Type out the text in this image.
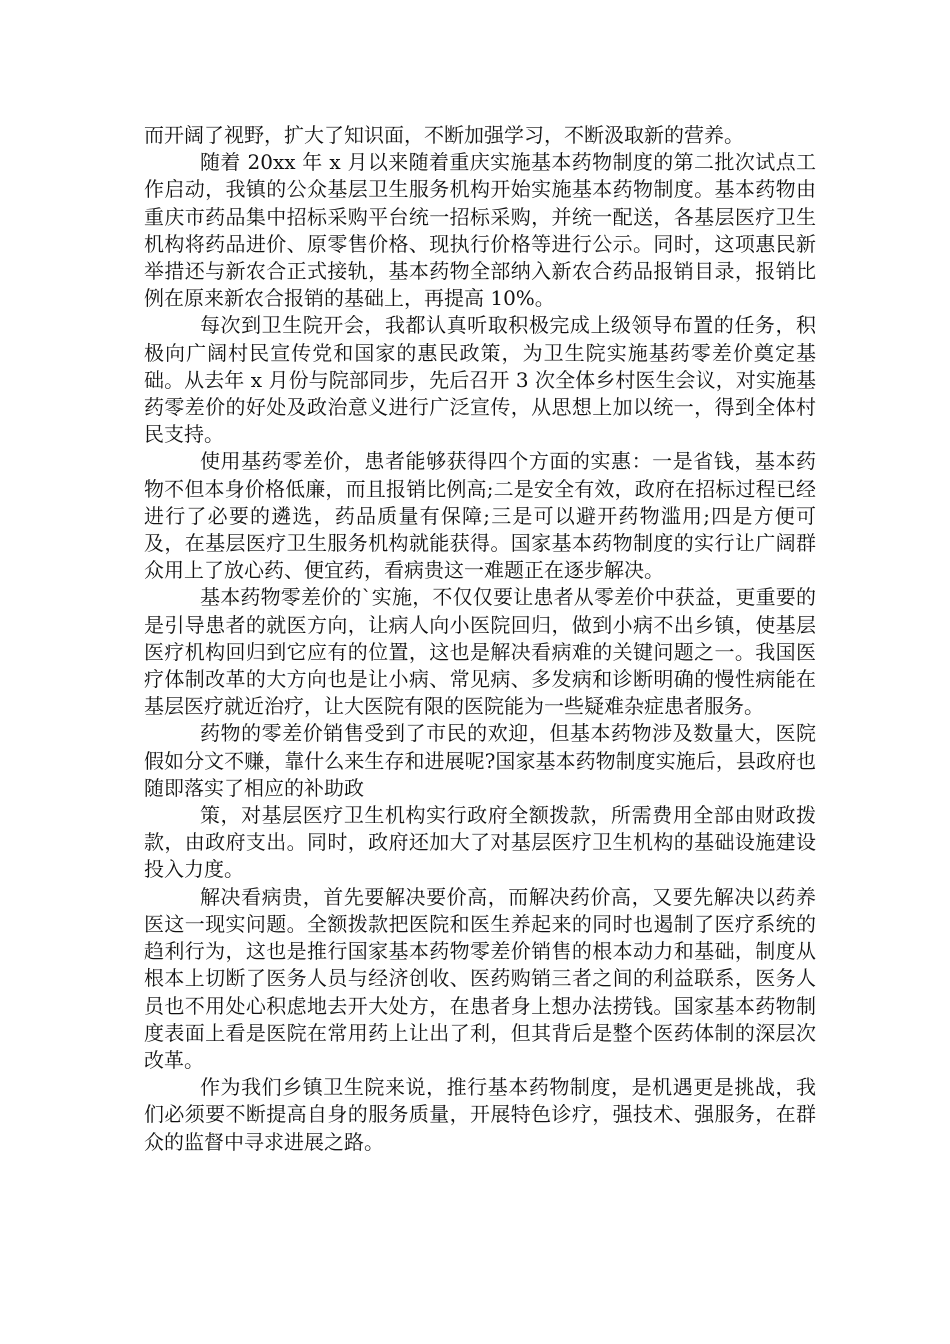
而开阔了视野，扩大了知识面，不断加强学习，不断汲取新的营养。

随着 20xx 年 x 月以来随着重庆实施基本药物制度的第二批次试点工作启动，我镇的公众基层卫生服务机构开始实施基本药物制度。基本药物由重庆市药品集中招标采购平台统一招标采购，并统一配送，各基层医疗卫生机构将药品进价、原零售价格、现执行价格等进行公示。同时，这项惠民新举措还与新农合正式接轨，基本药物全部纳入新农合药品报销目录，报销比例在原来新农合报销的基础上，再提高 10%。

每次到卫生院开会，我都认真听取积极完成上级领导布置的任务，积极向广阔村民宣传党和国家的惠民政策，为卫生院实施基药零差价奠定基础。从去年 x 月份与院部同步，先后召开 3 次全体乡村医生会议，对实施基药零差价的好处及政治意义进行广泛宣传，从思想上加以统一，得到全体村民支持。

使用基药零差价，患者能够获得四个方面的实惠：一是省钱，基本药物不但本身价格低廉，而且报销比例高;二是安全有效，政府在招标过程已经进行了必要的遴选，药品质量有保障;三是可以避开药物滥用;四是方便可及，在基层医疗卫生服务机构就能获得。国家基本药物制度的实行让广阔群众用上了放心药、便宜药，看病贵这一难题正在逐步解决。

基本药物零差价的`实施，不仅仅要让患者从零差价中获益，更重要的是引导患者的就医方向，让病人向小医院回归，做到小病不出乡镇，使基层医疗机构回归到它应有的位置，这也是解决看病难的关键问题之一。我国医疗体制改革的大方向也是让小病、常见病、多发病和诊断明确的慢性病能在基层医疗就近治疗，让大医院有限的医院能为一些疑难杂症患者服务。

药物的零差价销售受到了市民的欢迎，但基本药物涉及数量大，医院假如分文不赚，靠什么来生存和进展呢?国家基本药物制度实施后，县政府也随即落实了相应的补助政

策，对基层医疗卫生机构实行政府全额拨款，所需费用全部由财政拨款，由政府支出。同时，政府还加大了对基层医疗卫生机构的基础设施建设投入力度。

解决看病贵，首先要解决要价高，而解决药价高，又要先解决以药养医这一现实问题。全额拨款把医院和医生养起来的同时也遏制了医疗系统的趋利行为，这也是推行国家基本药物零差价销售的根本动力和基础，制度从根本上切断了医务人员与经济创收、医药购销三者之间的利益联系，医务人员也不用处心积虑地去开大处方，在患者身上想办法捞钱。国家基本药物制度表面上看是医院在常用药上让出了利，但其背后是整个医药体制的深层次改革。

作为我们乡镇卫生院来说，推行基本药物制度，是机遇更是挑战，我们必须要不断提高自身的服务质量，开展特色诊疗，强技术、强服务，在群众的监督中寻求进展之路。
